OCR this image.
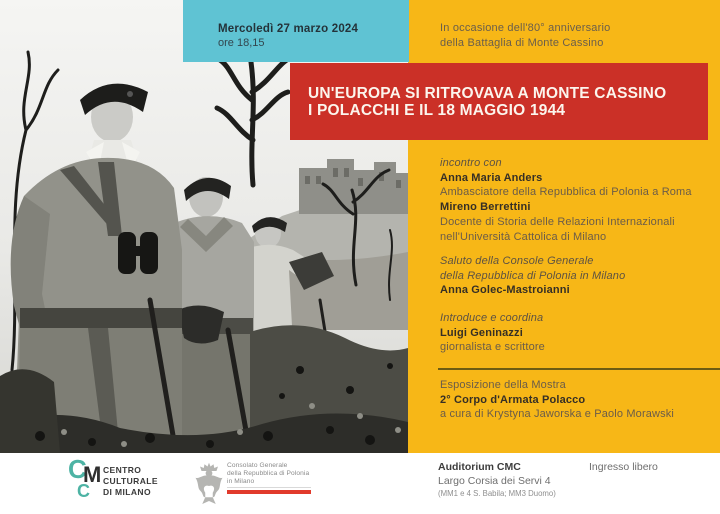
Mercoledì 27 marzo 2024
ore 18,15
In occasione dell'80° anniversario
della Battaglia di Monte Cassino
UN'EUROPA SI RITROVAVA A MONTE CASSINO
I POLACCHI E IL 18 MAGGIO 1944
incontro con
Anna Maria Anders
Ambasciatore della Repubblica di Polonia a Roma
Mireno Berrettini
Docente di Storia delle Relazioni Internazionali
nell'Università Cattolica di Milano
Saluto della Console Generale
della Repubblica di Polonia in Milano
Anna Golec-Mastroianni
Introduce e coordina
Luigi Geninazzi
giornalista e scrittore
Esposizione della Mostra
2° Corpo d'Armata Polacco
a cura di Krystyna Jaworska e Paolo Morawski
C
M
C
CENTRO
CULTURALE
DI MILANO
Consolato Generale
della Repubblica di Polonia
in Milano
Auditorium CMC
Largo Corsia dei Servi 4
(MM1 e 4 S. Babila; MM3 Duomo)
Ingresso libero
